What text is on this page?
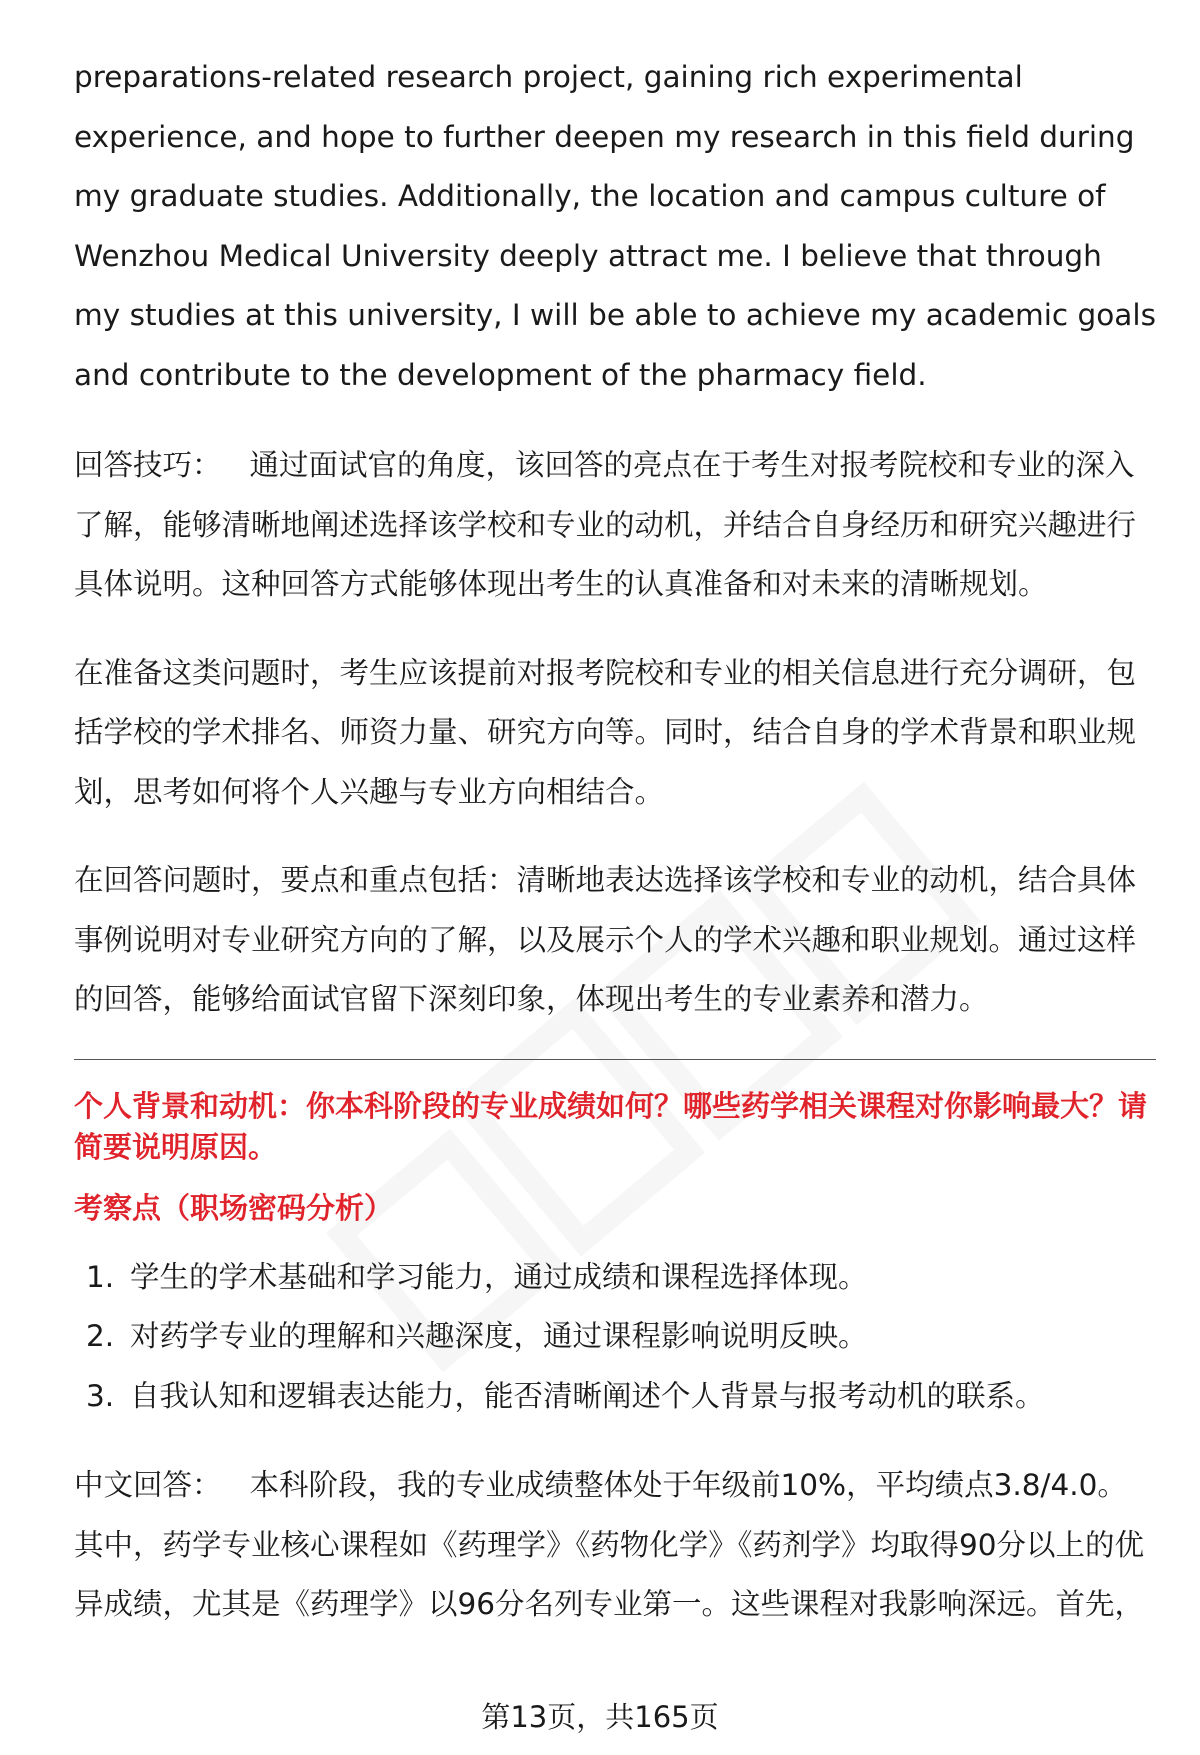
preparations-related research project, gaining rich experimental experience, and hope to further deepen my research in this field during my graduate studies. Additionally, the location and campus culture of Wenzhou Medical University deeply attract me. I believe that through my studies at this university, I will be able to achieve my academic goals and contribute to the development of the pharmacy field.

回答技巧： 通过面试官的角度，该回答的亮点在于考生对报考院校和专业的深入了解，能够清晰地阐述选择该学校和专业的动机，并结合自身经历和研究兴趣进行具体说明。这种回答方式能够体现出考生的认真准备和对未来的清晰规划。

在准备这类问题时，考生应该提前对报考院校和专业的相关信息进行充分调研，包括学校的学术排名、师资力量、研究方向等。同时，结合自身的学术背景和职业规划，思考如何将个人兴趣与专业方向相结合。

在回答问题时，要点和重点包括：清晰地表达选择该学校和专业的动机，结合具体事例说明对专业研究方向的了解，以及展示个人的学术兴趣和职业规划。通过这样的回答，能够给面试官留下深刻印象，体现出考生的专业素养和潜力。

个人背景和动机：你本科阶段的专业成绩如何？哪些药学相关课程对你影响最大？请简要说明原因。
考察点（职场密码分析）
1. 学生的学术基础和学习能力，通过成绩和课程选择体现。
2. 对药学专业的理解和兴趣深度，通过课程影响说明反映。
3. 自我认知和逻辑表达能力，能否清晰阐述个人背景与报考动机的联系。

中文回答： 本科阶段，我的专业成绩整体处于年级前10%，平均绩点3.8/4.0。其中，药学专业核心课程如《药理学》《药物化学》《药剂学》均取得90分以上的优异成绩，尤其是《药理学》以96分名列专业第一。这些课程对我影响深远。首先，

第13页，共165页
